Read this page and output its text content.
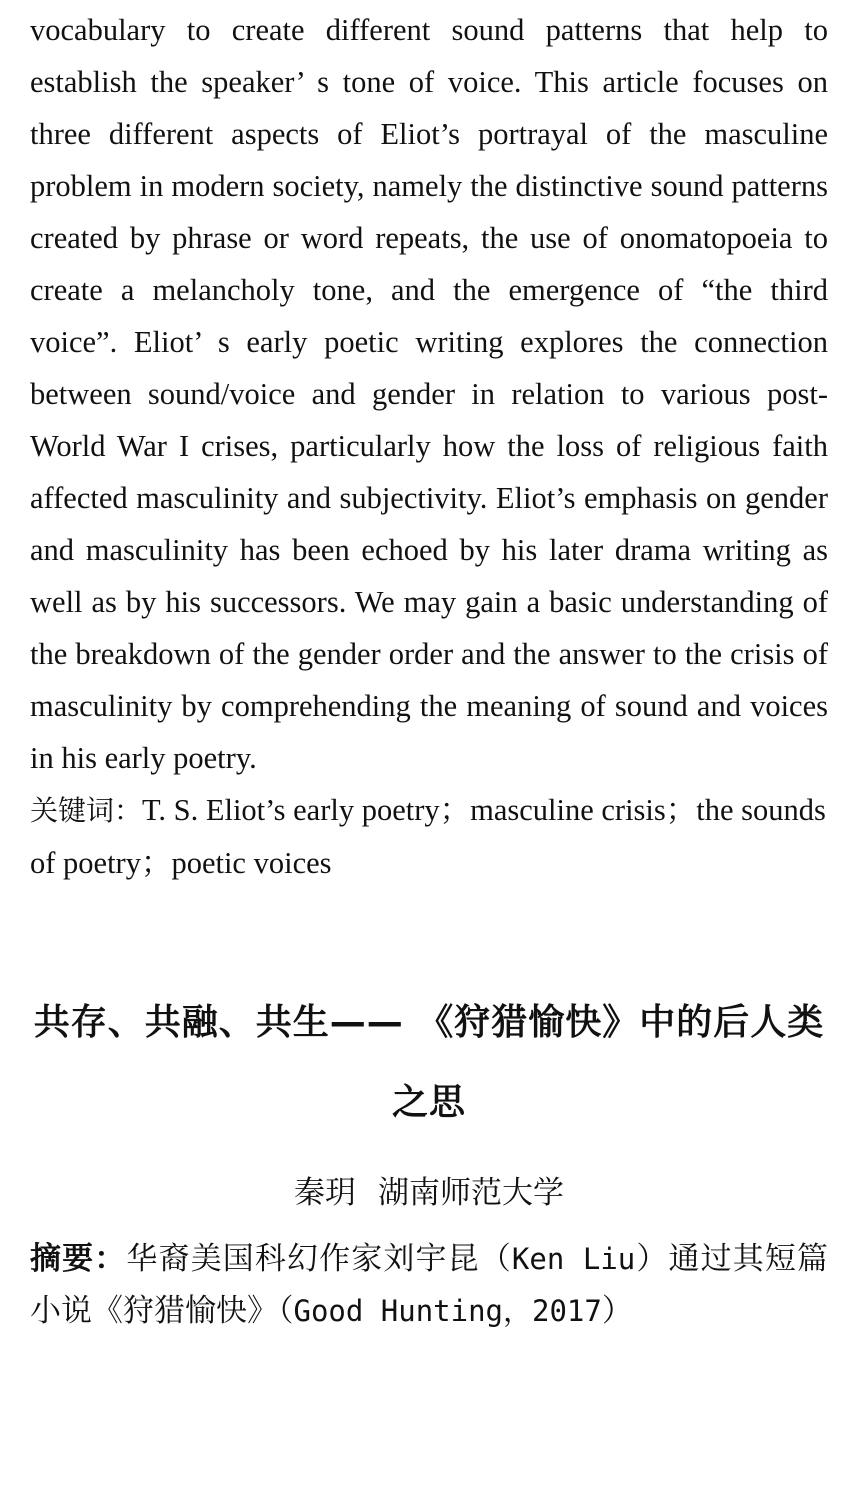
vocabulary to create different sound patterns that help to establish the speaker’ s tone of voice. This article focuses on three different aspects of Eliot’s portrayal of the masculine problem in modern society, namely the distinctive sound patterns created by phrase or word repeats, the use of onomatopoeia to create a melancholy tone, and the emergence of “the third voice”. Eliot’ s early poetic writing explores the connection between sound/voice and gender in relation to various post-World War I crises, particularly how the loss of religious faith affected masculinity and subjectivity. Eliot’s emphasis on gender and masculinity has been echoed by his later drama writing as well as by his successors. We may gain a basic understanding of the breakdown of the gender order and the answer to the crisis of masculinity by comprehending the meaning of sound and voices in his early poetry.

关键词：T. S. Eliot’s early poetry；masculine crisis；the sounds of poetry；poetic voices

共存、共融、共生—— 《狩猎愉快》中的后人类之思
秦玥 湖南师范大学

摘要：华裔美国科幻作家刘宇昆（Ken Liu）通过其短篇小说《狩猎愉快》（Good Hunting，2017）
